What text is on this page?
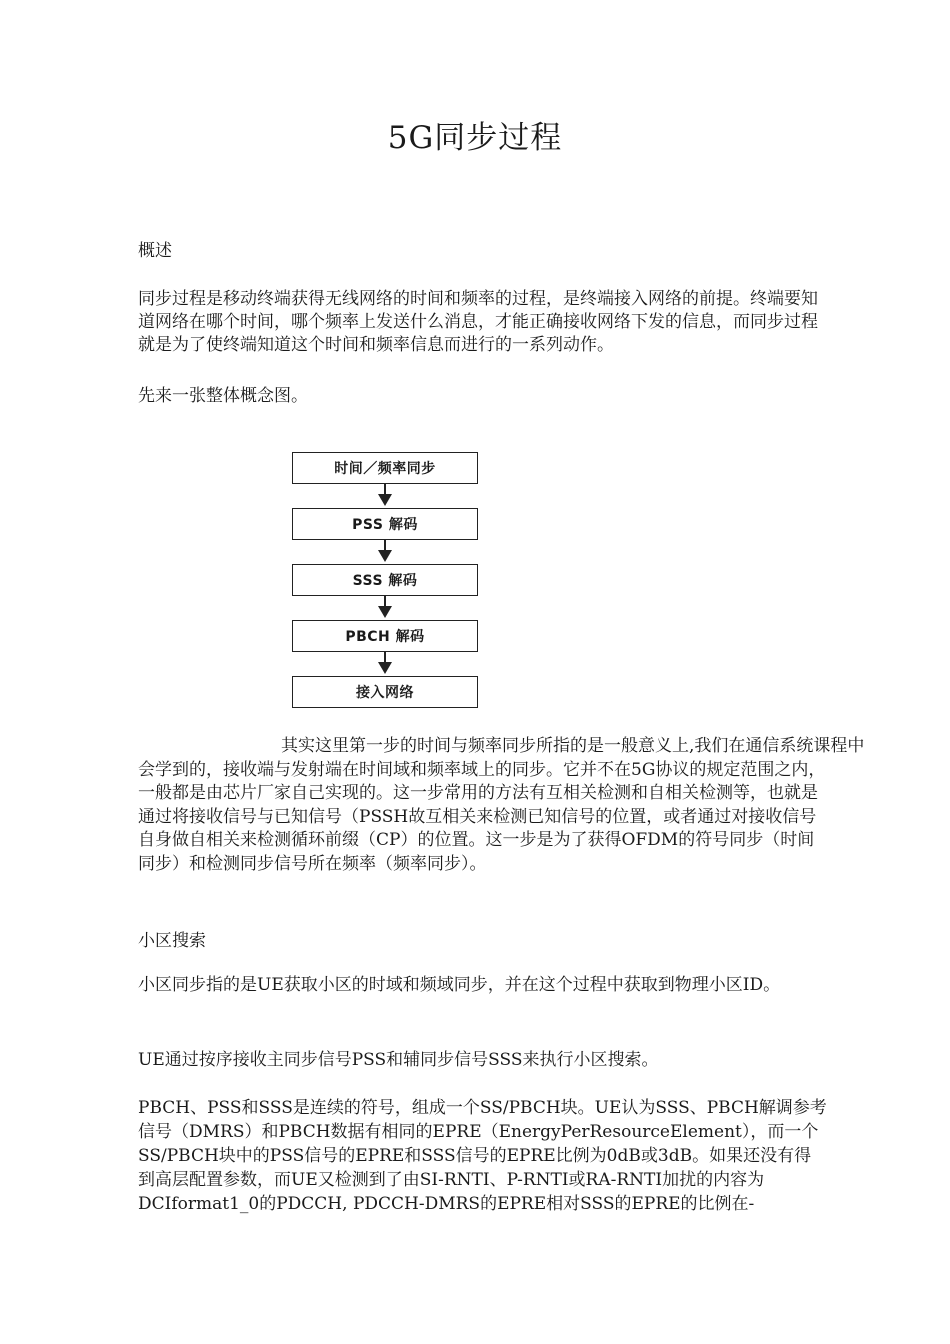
5G同步过程
概述
同步过程是移动终端获得无线网络的时间和频率的过程，是终端接入网络的前提。终端要知道网络在哪个时间，哪个频率上发送什么消息，才能正确接收网络下发的信息，而同步过程就是为了使终端知道这个时间和频率信息而进行的一系列动作。
先来一张整体概念图。
时间／频率同步
PSS 解码
SSS 解码
PBCH 解码
接入网络
其实这里第一步的时间与频率同步所指的是一般意义上,我们在通信系统课程中
会学到的，接收端与发射端在时间域和频率域上的同步。它并不在5G协议的规定范围之内，一般都是由芯片厂家自己实现的。这一步常用的方法有互相关检测和自相关检测等，也就是通过将接收信号与已知信号（PSSH故互相关来检测已知信号的位置，或者通过对接收信号自身做自相关来检测循环前缀（CP）的位置。这一步是为了获得OFDM的符号同步（时间同步）和检测同步信号所在频率（频率同步）。
小区搜索
小区同步指的是UE获取小区的时域和频域同步，并在这个过程中获取到物理小区ID。
UE通过按序接收主同步信号PSS和辅同步信号SSS来执行小区搜索。
PBCH、PSS和SSS是连续的符号，组成一个SS/PBCH块。UE认为SSS、PBCH解调参考信号（DMRS）和PBCH数据有相同的EPRE（EnergyPerResourceElement），而一个SS/PBCH块中的PSS信号的EPRE和SSS信号的EPRE比例为0dB或3dB。如果还没有得到高层配置参数，而UE又检测到了由SI-RNTI、P-RNTI或RA-RNTI加扰的内容为DCIformat1_0的PDCCH, PDCCH-DMRS的EPRE相对SSS的EPRE的比例在-
